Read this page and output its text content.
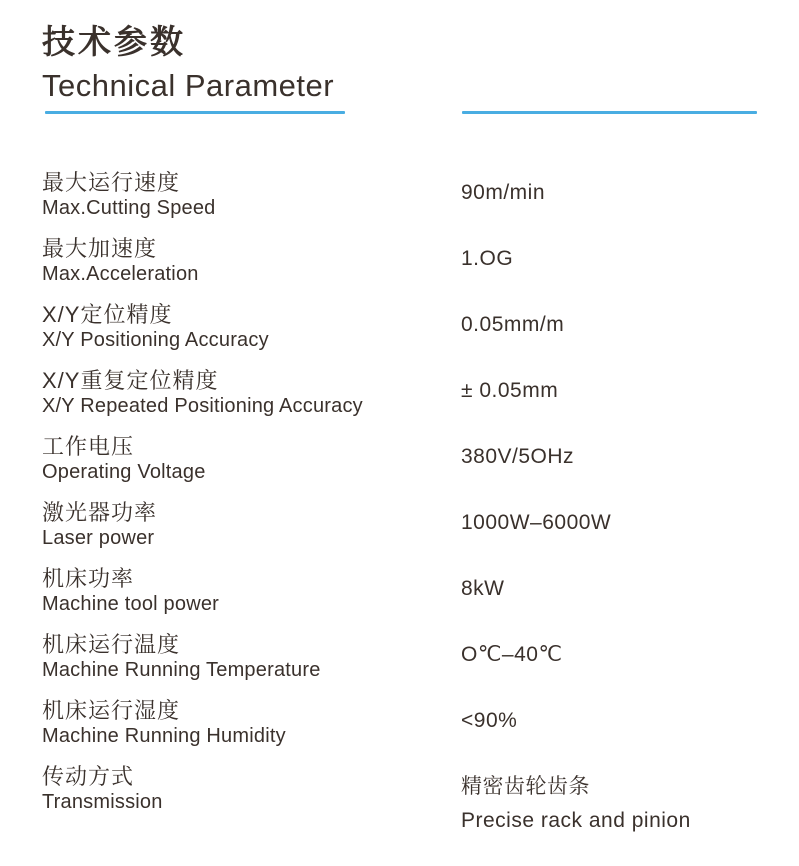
技术参数
Technical Parameter
最大运行速度
Max.Cutting Speed
90m/min
最大加速度
Max.Acceleration
1.OG
X/Y定位精度
X/Y Positioning Accuracy
0.05mm/m
X/Y重复定位精度
X/Y Repeated Positioning Accuracy
± 0.05mm
工作电压
Operating Voltage
380V/5OHz
激光器功率
Laser power
1000W–6000W
机床功率
Machine tool power
8kW
机床运行温度
Machine Running Temperature
O℃–40℃
机床运行湿度
Machine Running Humidity
<90%
传动方式
Transmission
精密齿轮齿条
Precise rack and pinion
